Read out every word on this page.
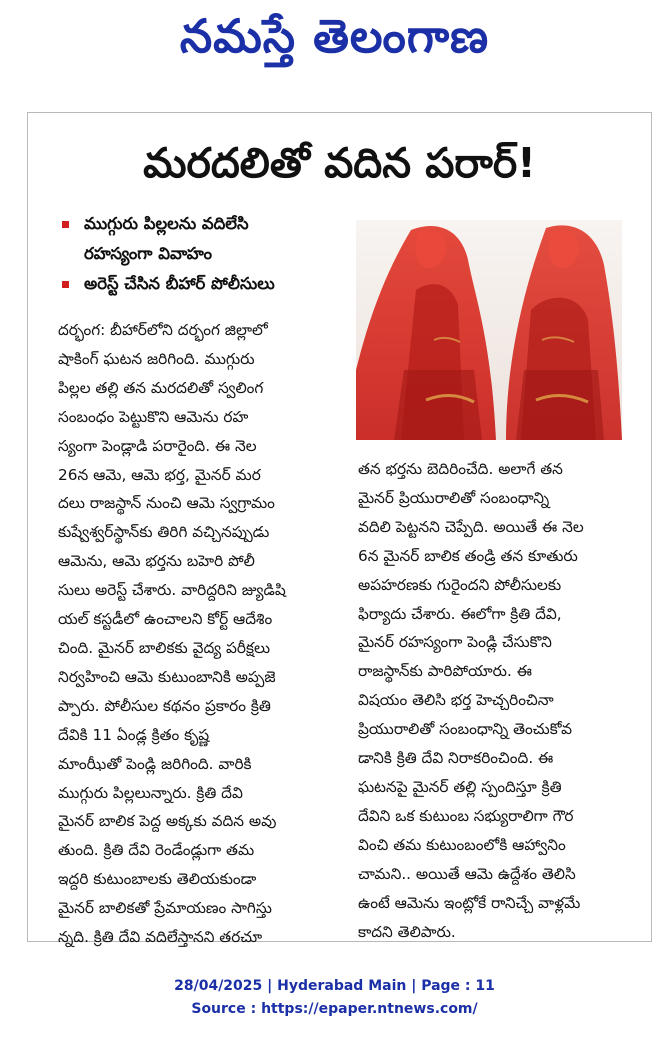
నమస్తే తెలంగాణ
మరదలితో వదిన పరార్!
ముగ్గురు పిల్లలను వదిలేసి
రహస్యంగా వివాహం
అరెస్ట్ చేసిన బీహార్ పోలీసులు

దర్భంగ: బీహార్‌లోని దర్భంగ జిల్లాలో

షాకింగ్ ఘటన జరిగింది. ముగ్గురు

పిల్లల తల్లి తన మరదలితో స్వలింగ

సంబంధం పెట్టుకొని ఆమెను రహ

స్యంగా పెండ్లాడి పరారైంది. ఈ నెల

26న ఆమె, ఆమె భర్త, మైనర్ మర

దలు రాజస్థాన్ నుంచి ఆమె స్వగ్రామం

కుష్వేశ్వర్‌స్థాన్‌కు తిరిగి వచ్చినప్పుడు

ఆమెను, ఆమె భర్తను బహెరి పోలీ

సులు అరెస్ట్ చేశారు. వారిద్దరిని జ్యుడిషి

యల్ కస్టడీలో ఉంచాలని కోర్ట్ ఆదేశిం

చింది. మైనర్ బాలికకు వైద్య పరీక్షలు

నిర్వహించి ఆమె కుటుంబానికి అప్పజె

ప్పారు. పోలీసుల కథనం ప్రకారం క్రితి

దేవికి 11 ఏండ్ల క్రితం కృష్ణ

మాంఝీతో పెండ్లి జరిగింది. వారికి

ముగ్గురు పిల్లలున్నారు. క్రితి దేవి

మైనర్ బాలిక పెద్ద అక్కకు వదిన అవు

తుంది. క్రితి దేవి రెండేండ్లుగా తమ

ఇద్దరి కుటుంబాలకు తెలియకుండా

మైనర్ బాలికతో ప్రేమాయణం సాగిస్తు

న్నది. క్రితి దేవి వదిలేస్తానని తరచూ

తన భర్తను బెదిరించేది. అలాగే తన

మైనర్ ప్రియురాలితో సంబంధాన్ని

వదిలి పెట్టనని చెప్పేది. అయితే ఈ నెల

6న మైనర్ బాలిక తండ్రి తన కూతురు

అపహరణకు గురైందని పోలీసులకు

ఫిర్యాదు చేశారు. ఈలోగా క్రితి దేవి,

మైనర్ రహస్యంగా పెండ్లి చేసుకొని

రాజస్థాన్‌కు పారిపోయారు. ఈ

విషయం తెలిసి భర్త హెచ్చరించినా

ప్రియురాలితో సంబంధాన్ని తెంచుకోవ

డానికి క్రితి దేవి నిరాకరించింది. ఈ

ఘటనపై మైనర్ తల్లి స్పందిస్తూ క్రితి

దేవిని ఒక కుటుంబ సభ్యురాలిగా గౌర

వించి తమ కుటుంబంలోకి ఆహ్వానిం

చామని.. అయితే ఆమె ఉద్దేశం తెలిసి

ఉంటే ఆమెను ఇంట్లోకే రానిచ్చే వాళ్లమే

కాదని తెలిపారు.

28/04/2025 | Hyderabad Main | Page : 11
Source : https://epaper.ntnews.com/
